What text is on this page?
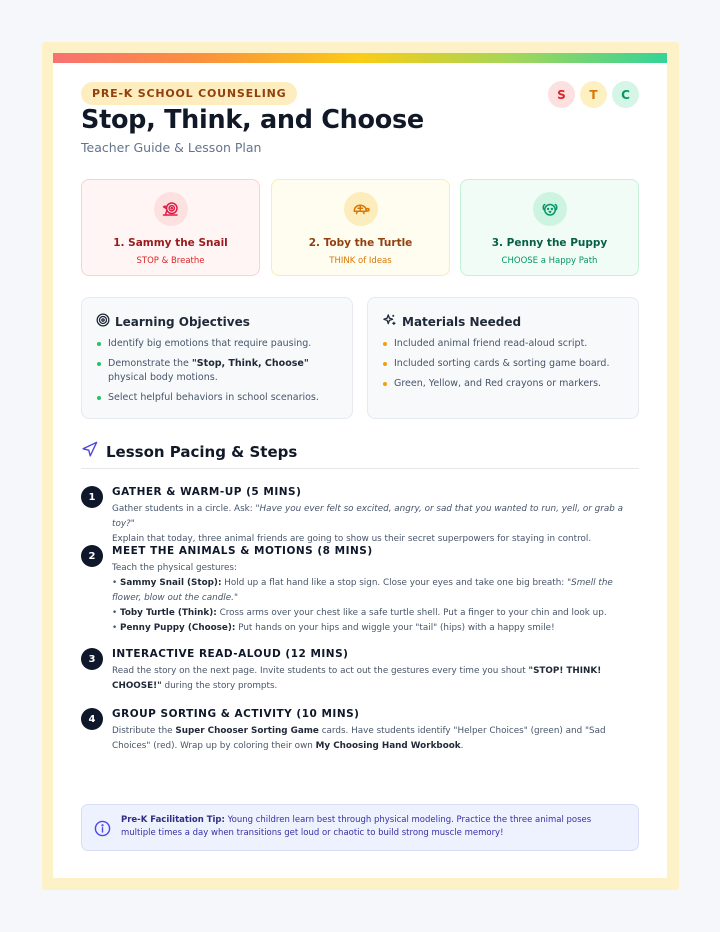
PRE-K SCHOOL COUNSELING	S	T	C
Stop, Think, and Choose
Teacher Guide & Lesson Plan
1. Sammy the Snail
STOP & Breathe
2. Toby the Turtle
THINK of Ideas
3. Penny the Puppy
CHOOSE a Happy Path
Learning Objectives
Identify big emotions that require pausing.
Demonstrate the "Stop, Think, Choose" physical body motions.
Select helpful behaviors in school scenarios.
Materials Needed
Included animal friend read-aloud script.
Included sorting cards & sorting game board.
Green, Yellow, and Red crayons or markers.
Lesson Pacing & Steps
1	GATHER & WARM-UP (5 MINS)
Gather students in a circle. Ask: "Have you ever felt so excited, angry, or sad that you wanted to run, yell, or grab a toy?"
Explain that today, three animal friends are going to show us their secret superpowers for staying in control.
2	MEET THE ANIMALS & MOTIONS (8 MINS)
Teach the physical gestures:
• Sammy Snail (Stop): Hold up a flat hand like a stop sign. Close your eyes and take one big breath: "Smell the flower, blow out the candle."
• Toby Turtle (Think): Cross arms over your chest like a safe turtle shell. Put a finger to your chin and look up.
• Penny Puppy (Choose): Put hands on your hips and wiggle your "tail" (hips) with a happy smile!
3	INTERACTIVE READ-ALOUD (12 MINS)
Read the story on the next page. Invite students to act out the gestures every time you shout "STOP! THINK! CHOOSE!" during the story prompts.
4	GROUP SORTING & ACTIVITY (10 MINS)
Distribute the Super Chooser Sorting Game cards. Have students identify "Helper Choices" (green) and "Sad Choices" (red). Wrap up by coloring their own My Choosing Hand Workbook.
Pre-K Facilitation Tip: Young children learn best through physical modeling. Practice the three animal poses multiple times a day when transitions get loud or chaotic to build strong muscle memory!
